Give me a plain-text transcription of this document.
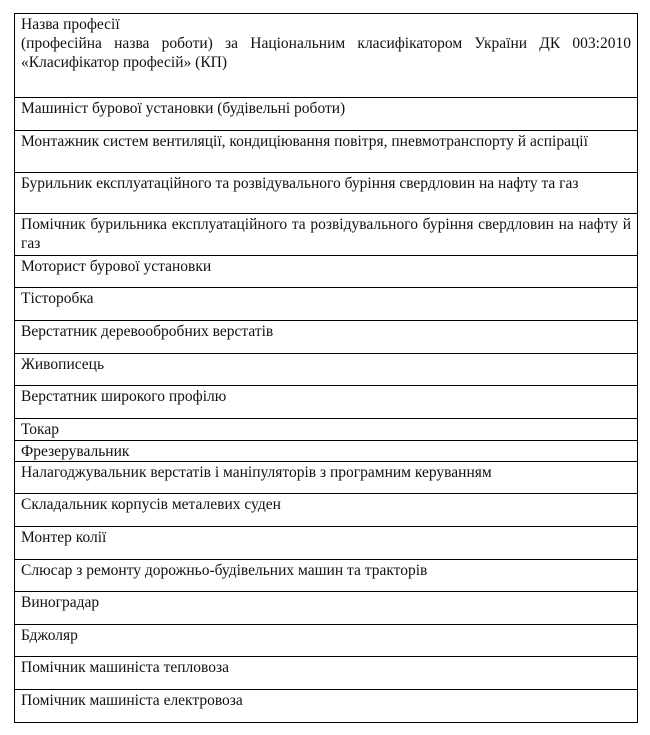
Назва професії
(професійна назва роботи) за Національним класифікатором України ДК 003:2010 «Класифікатор професій» (КП)

Машиніст бурової установки (будівельні роботи)
Монтажник систем вентиляції, кондиціювання повітря, пневмотранспорту й аспірації
Бурильник експлуатаційного та розвідувального буріння свердловин на нафту та газ
Помічник бурильника експлуатаційного та розвідувального буріння свердловин на нафту й газ
Моторист бурової установки
Тісторобка
Верстатник деревообробних верстатів
Живописець
Верстатник широкого профілю
Токар
Фрезерувальник
Налагоджувальник верстатів і маніпуляторів з програмним керуванням
Складальник корпусів металевих суден
Монтер колії
Слюсар з ремонту дорожньо-будівельних машин та тракторів
Виноградар
Бджоляр
Помічник машиніста тепловоза
Помічник машиніста електровоза
